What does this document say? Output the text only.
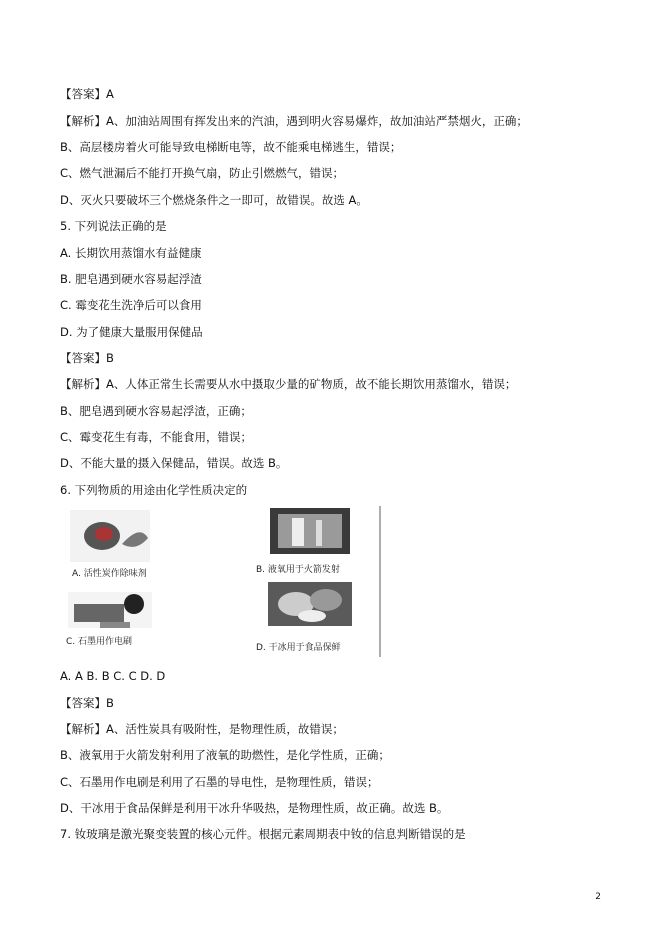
【答案】A
【解析】A、加油站周围有挥发出来的汽油，遇到明火容易爆炸，故加油站严禁烟火，正确；
B、高层楼房着火可能导致电梯断电等，故不能乘电梯逃生，错误；
C、燃气泄漏后不能打开换气扇，防止引燃燃气，错误；
D、灭火只要破坏三个燃烧条件之一即可，故错误。故选 A。
5. 下列说法正确的是
A. 长期饮用蒸馏水有益健康
B. 肥皂遇到硬水容易起浮渣
C. 霉变花生洗净后可以食用
D. 为了健康大量服用保健品
【答案】B
【解析】A、人体正常生长需要从水中摄取少量的矿物质，故不能长期饮用蒸馏水，错误；
B、肥皂遇到硬水容易起浮渣，正确；
C、霉变花生有毒，不能食用，错误；
D、不能大量的摄入保健品，错误。故选 B。
6. 下列物质的用途由化学性质决定的
A. A B. B C. C D. D
【答案】B
【解析】A、活性炭具有吸附性，是物理性质，故错误；
B、液氧用于火箭发射利用了液氧的助燃性，是化学性质，正确；
C、石墨用作电刷是利用了石墨的导电性，是物理性质，错误；
D、干冰用于食品保鲜是利用干冰升华吸热，是物理性质，故正确。故选 B。
7. 钕玻璃是激光聚变装置的核心元件。根据元素周期表中钕的信息判断错误的是
A. 活性炭作除味剂	B. 液氧用于火箭发射
C. 石墨用作电刷
D. 干冰用于食品保鲜
2
